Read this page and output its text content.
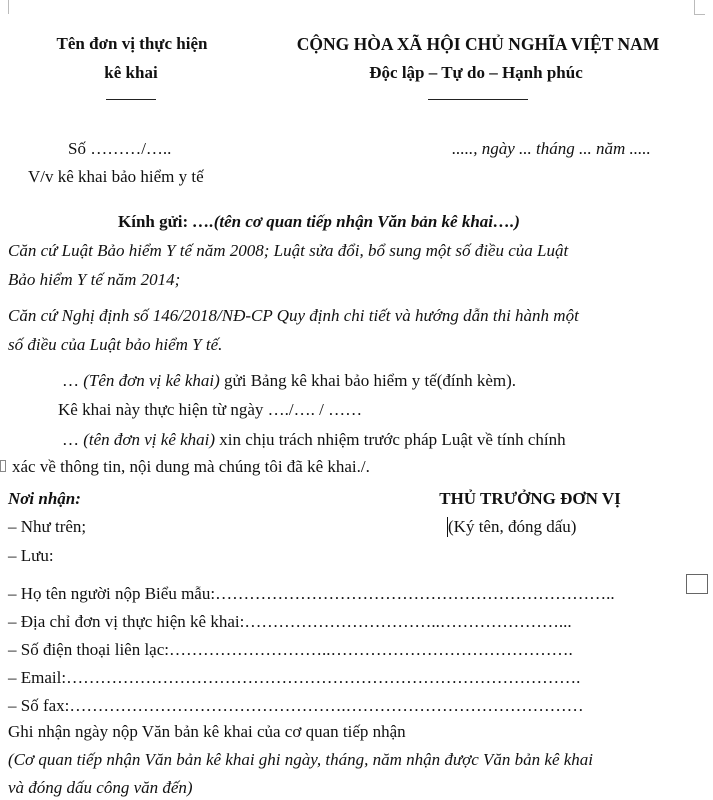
Tên đơn vị thực hiện
kê khai
CỘNG HÒA XÃ HỘI CHỦ NGHĨA VIỆT NAM
Độc lập – Tự do – Hạnh phúc
Số ………/…..	....., ngày ... tháng ... năm .....
V/v kê khai bảo hiểm y tế
Kính gửi: ….(tên cơ quan tiếp nhận Văn bản kê khai….)
Căn cứ Luật Bảo hiểm Y tế năm 2008; Luật sửa đổi, bổ sung một số điều của Luật
Bảo hiểm Y tế năm 2014;
Căn cứ Nghị định số 146/2018/NĐ-CP Quy định chi tiết và hướng dẫn thi hành một
số điều của Luật bảo hiểm Y tế.
… (Tên đơn vị kê khai) gửi Bảng kê khai bảo hiểm y tế(đính kèm).
Kê khai này thực hiện từ ngày …./…. / ……
… (tên đơn vị kê khai) xin chịu trách nhiệm trước pháp Luật về tính chính
xác về thông tin, nội dung mà chúng tôi đã kê khai./.
Nơi nhận:
– Như trên;
– Lưu:
THỦ TRƯỞNG ĐƠN VỊ
(Ký tên, đóng dấu)
– Họ tên người nộp Biểu mẫu:……………………………………………………………..
– Địa chỉ đơn vị thực hiện kê khai:……………………………..…………………...
– Số điện thoại liên lạc:………………………..…………………………………….
– Email:……………………………………………………………………………….
– Số fax:………………………………………….……………………………………
Ghi nhận ngày nộp Văn bản kê khai của cơ quan tiếp nhận
(Cơ quan tiếp nhận Văn bản kê khai ghi ngày, tháng, năm nhận được Văn bản kê khai
và đóng dấu công văn đến)
